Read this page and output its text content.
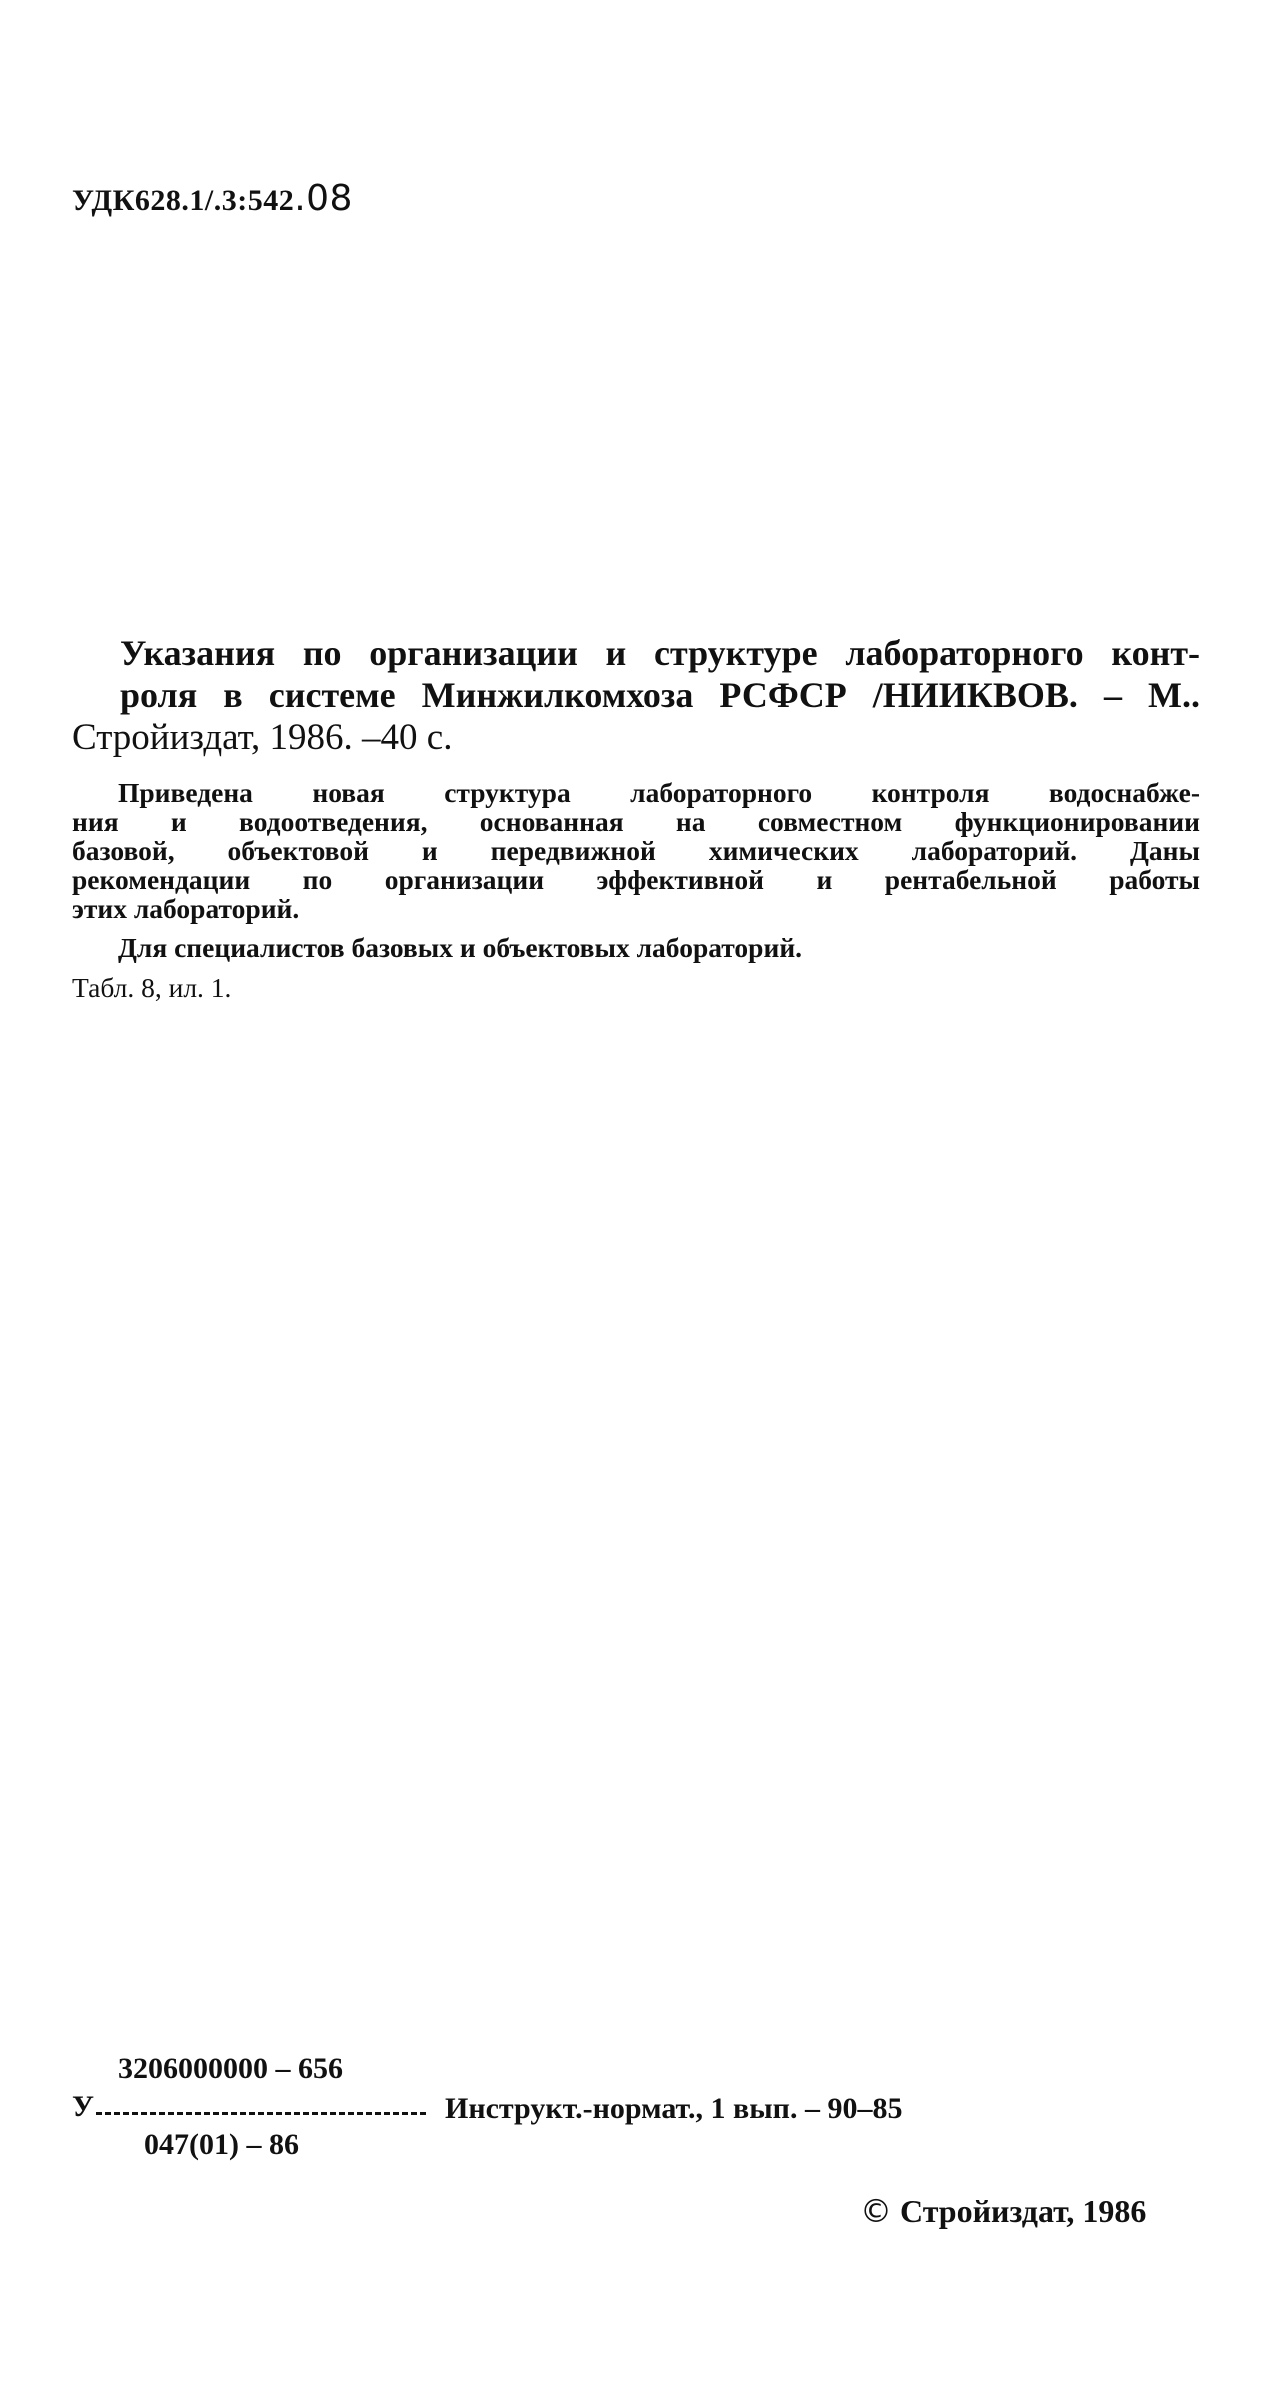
УДК628.1/.3:542.08
Указания по организации и структуре лабораторного конт-
роля в системе Минжилкомхоза РСФСР /НИИКВОВ. – М..
Стройиздат, 1986. –40 с.
Приведена новая структура лабораторного контроля водоснабже-
ния и водоотведения, основанная на совместном функционировании
базовой, объектовой и передвижной химических лабораторий. Даны
рекомендации по организации эффективной и рентабельной работы
этих лабораторий.
Для специалистов базовых и объектовых лабораторий.
Табл. 8, ил. 1.
У
3206000000 – 656
047(01) – 86
Инструкт.-нормат., 1 вып. – 90–85
© Стройиздат, 1986
